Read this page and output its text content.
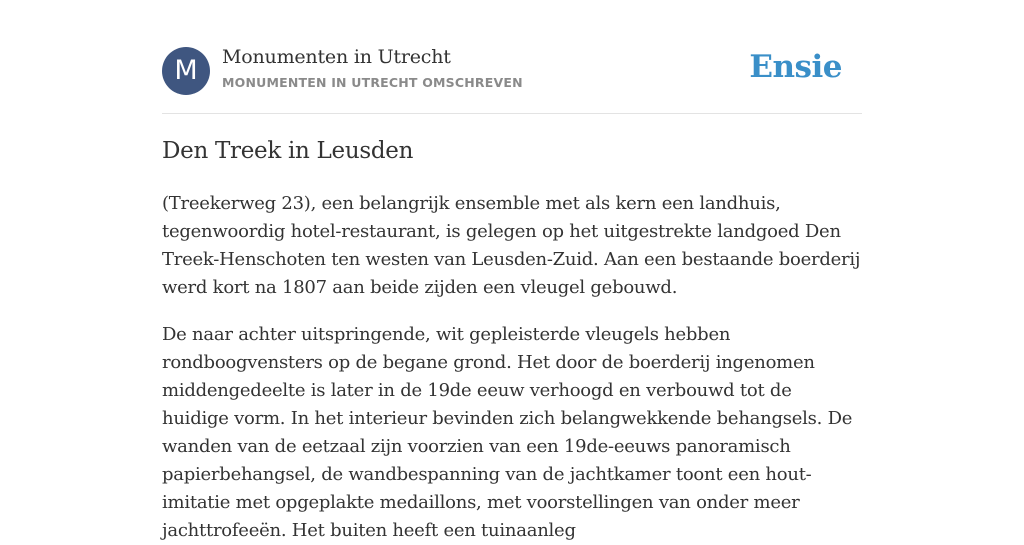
M	Monumenten in Utrecht
MONUMENTEN IN UTRECHT OMSCHREVEN	Ensie
Den Treek in Leusden

(Treekerweg 23), een belangrijk ensemble met als kern een landhuis, tegenwoordig hotel-restaurant, is gelegen op het uitgestrekte landgoed Den Treek-Henschoten ten westen van Leusden-Zuid. Aan een bestaande boerderij werd kort na 1807 aan beide zijden een vleugel gebouwd.

De naar achter uitspringende, wit gepleisterde vleugels hebben rondboogvensters op de begane grond. Het door de boerderij ingenomen middengedeelte is later in de 19de eeuw verhoogd en verbouwd tot de huidige vorm. In het interieur bevinden zich belangwekkende behangsels. De wanden van de eetzaal zijn voorzien van een 19de-eeuws panoramisch papierbehangsel, de wandbespanning van de jachtkamer toont een hout-imitatie met opgeplakte medaillons, met voorstellingen van onder meer jachttrofeeën. Het buiten heeft een tuinaanleg
